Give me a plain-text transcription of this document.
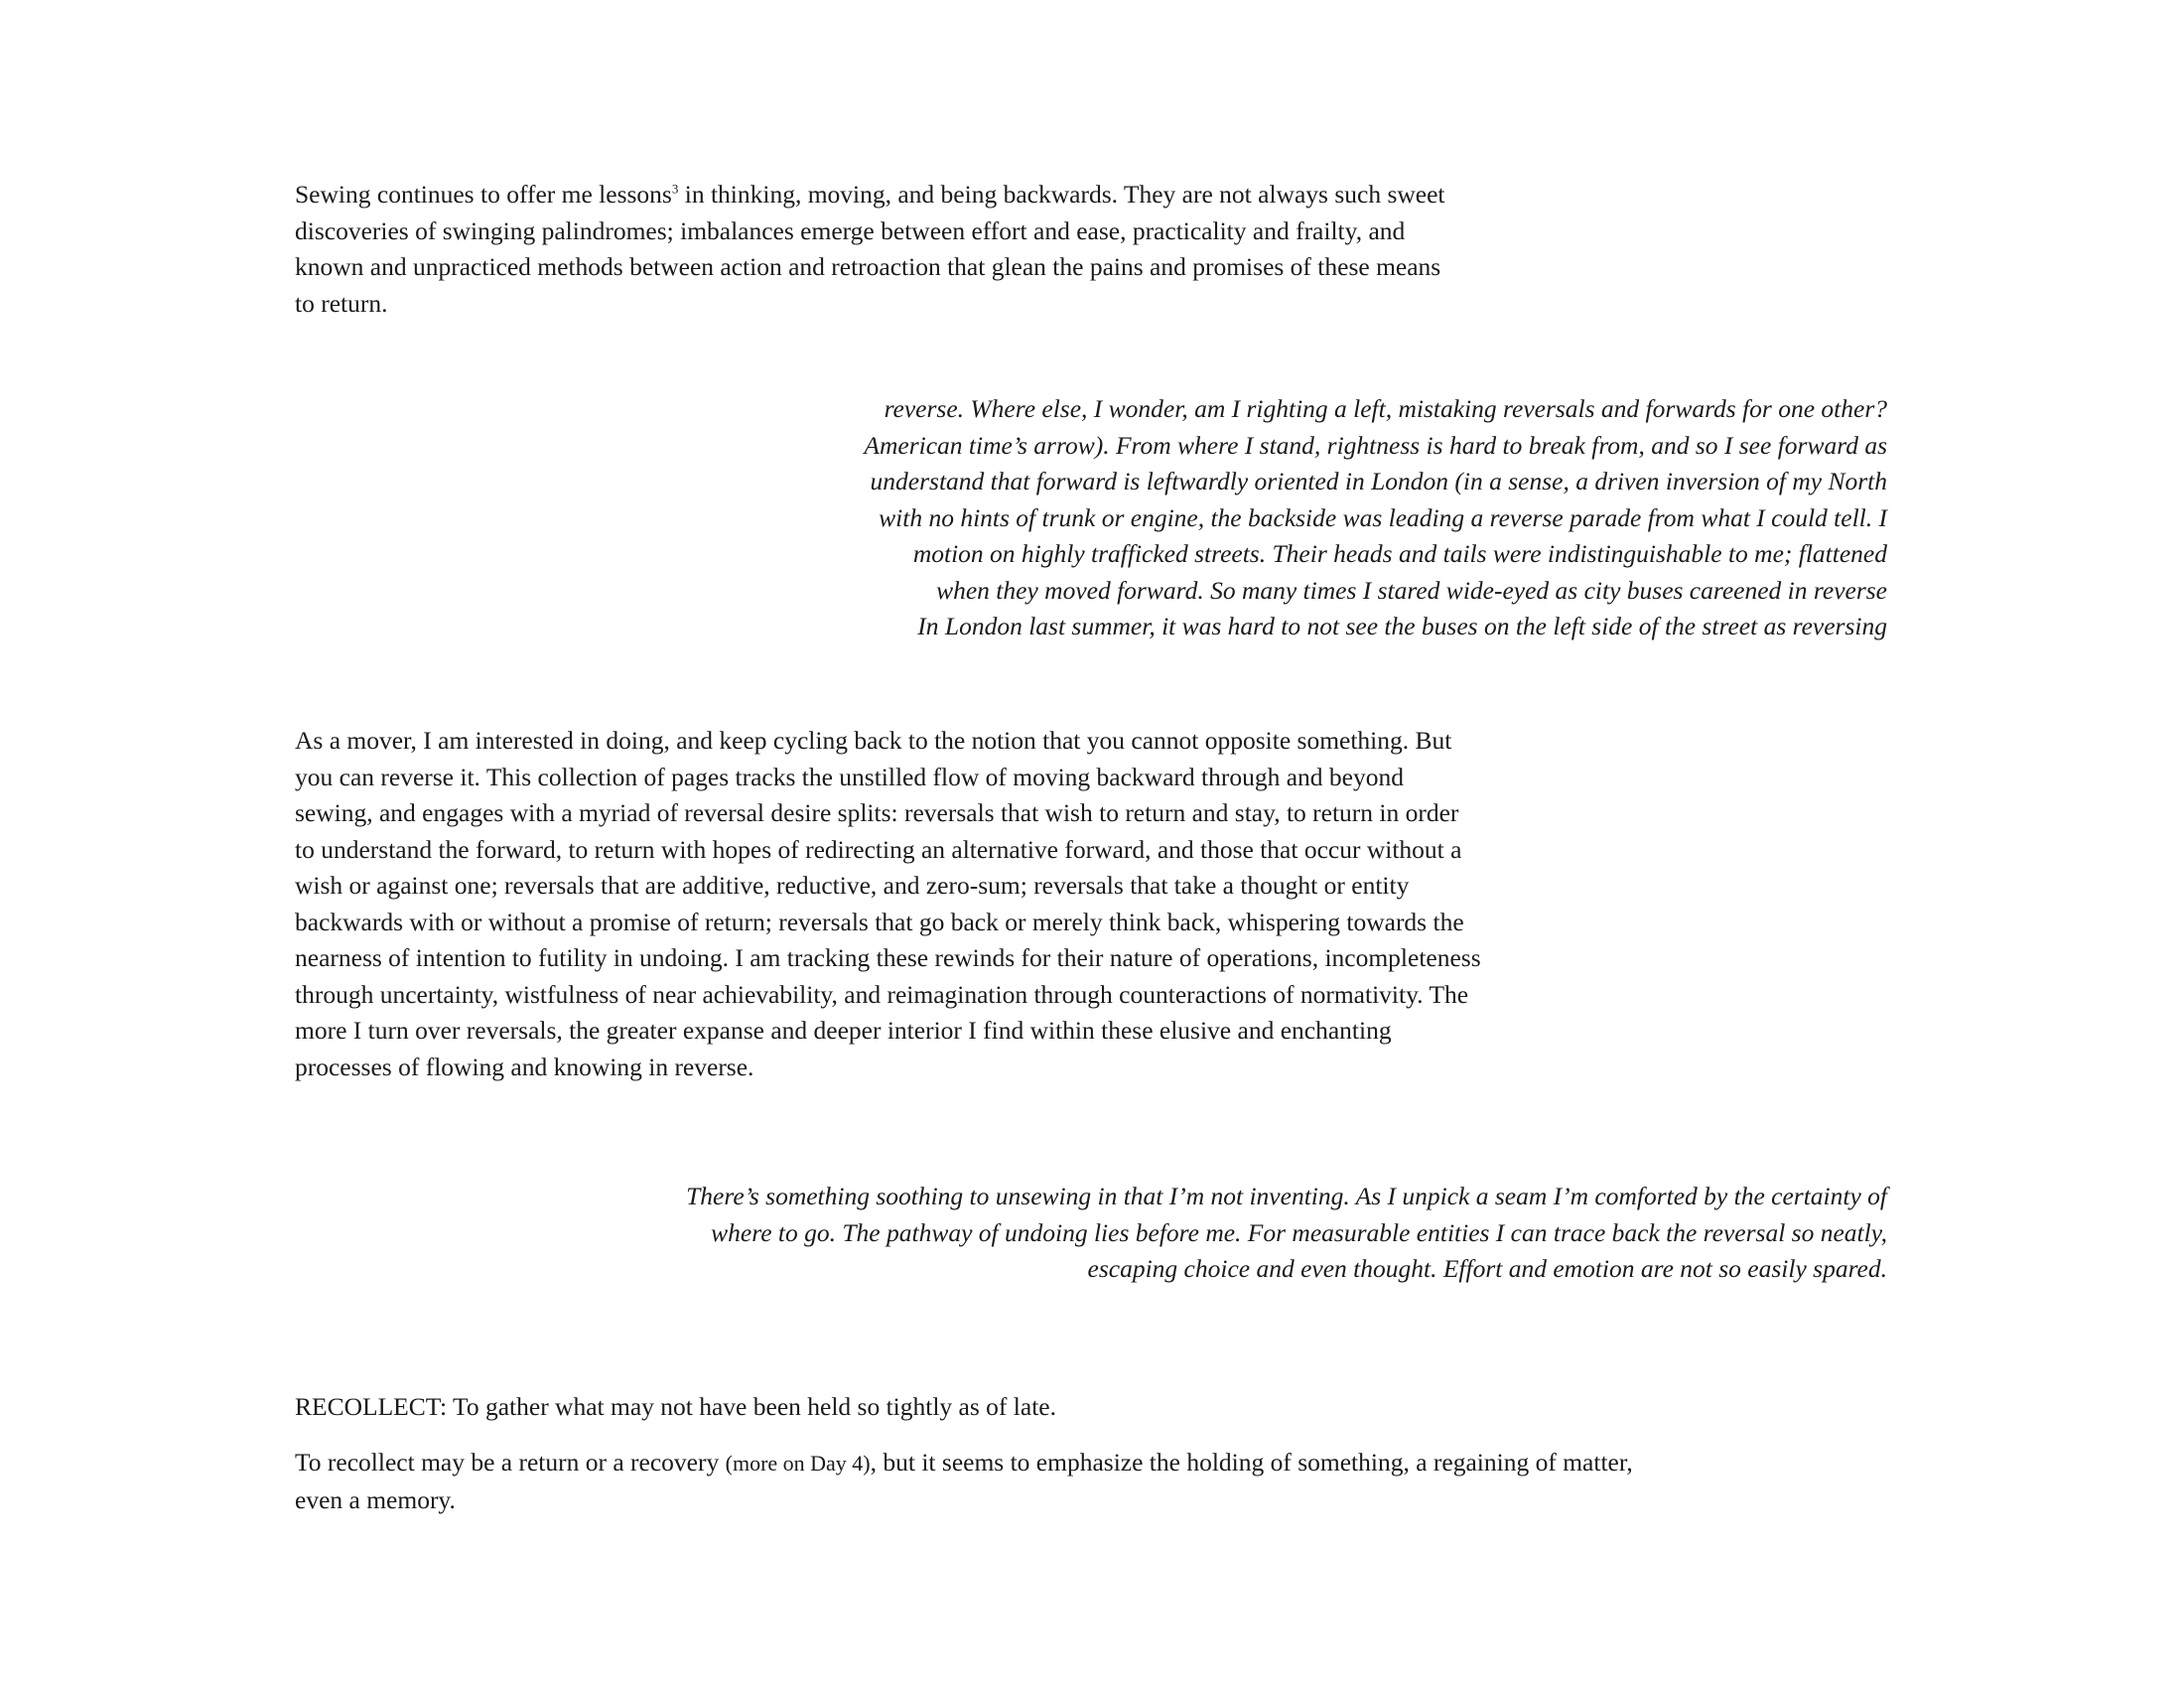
Sewing continues to offer me lessons$^3$ in thinking, moving, and being backwards. They are not always such sweet
discoveries of swinging palindromes; imbalances emerge between effort and ease, practicality and frailty, and
known and unpracticed methods between action and retroaction that glean the pains and promises of these means
to return.
reverse. Where else, I wonder, am I righting a left, mistaking reversals and forwards for one other?
American time’s arrow). From where I stand, rightness is hard to break from, and so I see forward as
understand that forward is leftwardly oriented in London (in a sense, a driven inversion of my North
with no hints of trunk or engine, the backside was leading a reverse parade from what I could tell. I
motion on highly trafficked streets. Their heads and tails were indistinguishable to me; flattened
when they moved forward. So many times I stared wide-eyed as city buses careened in reverse
In London last summer, it was hard to not see the buses on the left side of the street as reversing
As a mover, I am interested in doing, and keep cycling back to the notion that you cannot opposite something. But
you can reverse it. This collection of pages tracks the unstilled flow of moving backward through and beyond
sewing, and engages with a myriad of reversal desire splits: reversals that wish to return and stay, to return in order
to understand the forward, to return with hopes of redirecting an alternative forward, and those that occur without a
wish or against one; reversals that are additive, reductive, and zero-sum; reversals that take a thought or entity
backwards with or without a promise of return; reversals that go back or merely think back, whispering towards the
nearness of intention to futility in undoing. I am tracking these rewinds for their nature of operations, incompleteness
through uncertainty, wistfulness of near achievability, and reimagination through counteractions of normativity. The
more I turn over reversals, the greater expanse and deeper interior I find within these elusive and enchanting
processes of flowing and knowing in reverse.
There’s something soothing to unsewing in that I’m not inventing. As I unpick a seam I’m comforted by the certainty of
where to go. The pathway of undoing lies before me. For measurable entities I can trace back the reversal so neatly,
escaping choice and even thought. Effort and emotion are not so easily spared.

RECOLLECT: To gather what may not have been held so tightly as of late.

To recollect may be a return or a recovery (more on Day 4), but it seems to emphasize the holding of something, a regaining of matter,
even a memory.
